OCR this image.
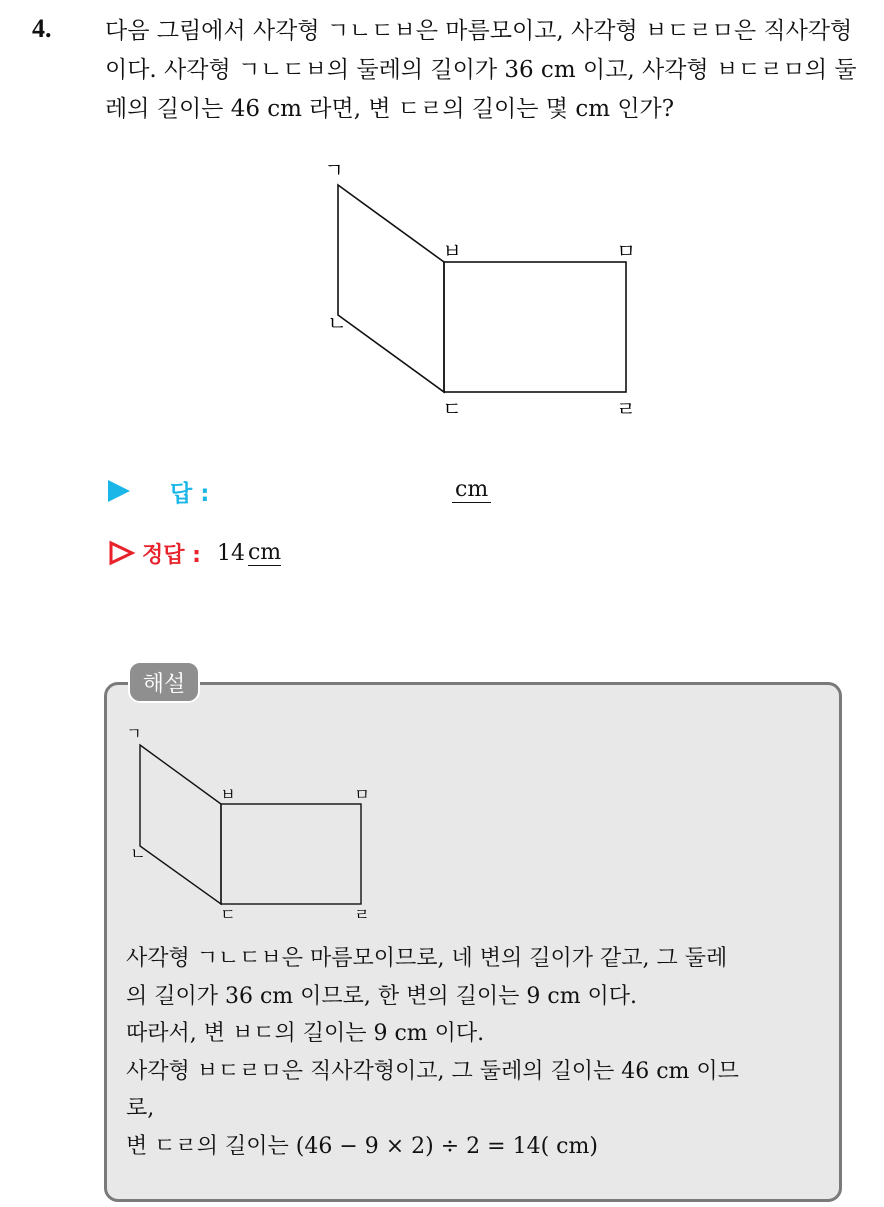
4. 다음 그림에서 사각형 ㄱㄴㄷㅂ은 마름모이고, 사각형 ㅂㄷㄹㅁ은 직사각형이다. 사각형 ㄱㄴㄷㅂ의 둘레의 길이가 36 cm 이고, 사각형 ㅂㄷㄹㅁ의 둘레의 길이는 46 cm 라면, 변 ㄷㄹ의 길이는 몇 cm 인가?

ㄱ
ㄴ
ㅂ	ㅁ
ㄷ	ㄹ
답 :	cm
정답 : 14 cm
해설
ㄱ
ㄴ
ㅂ	ㅁ
ㄷ	ㄹ

사각형 ㄱㄴㄷㅂ은 마름모이므로, 네 변의 길이가 같고, 그 둘레

의 길이가 36 cm 이므로, 한 변의 길이는 9 cm 이다.

따라서, 변 ㅂㄷ의 길이는 9 cm 이다.

사각형 ㅂㄷㄹㅁ은 직사각형이고, 그 둘레의 길이는 46 cm 이므

로,

변 ㄷㄹ의 길이는 (46 − 9 × 2) ÷ 2 = 14( cm)
